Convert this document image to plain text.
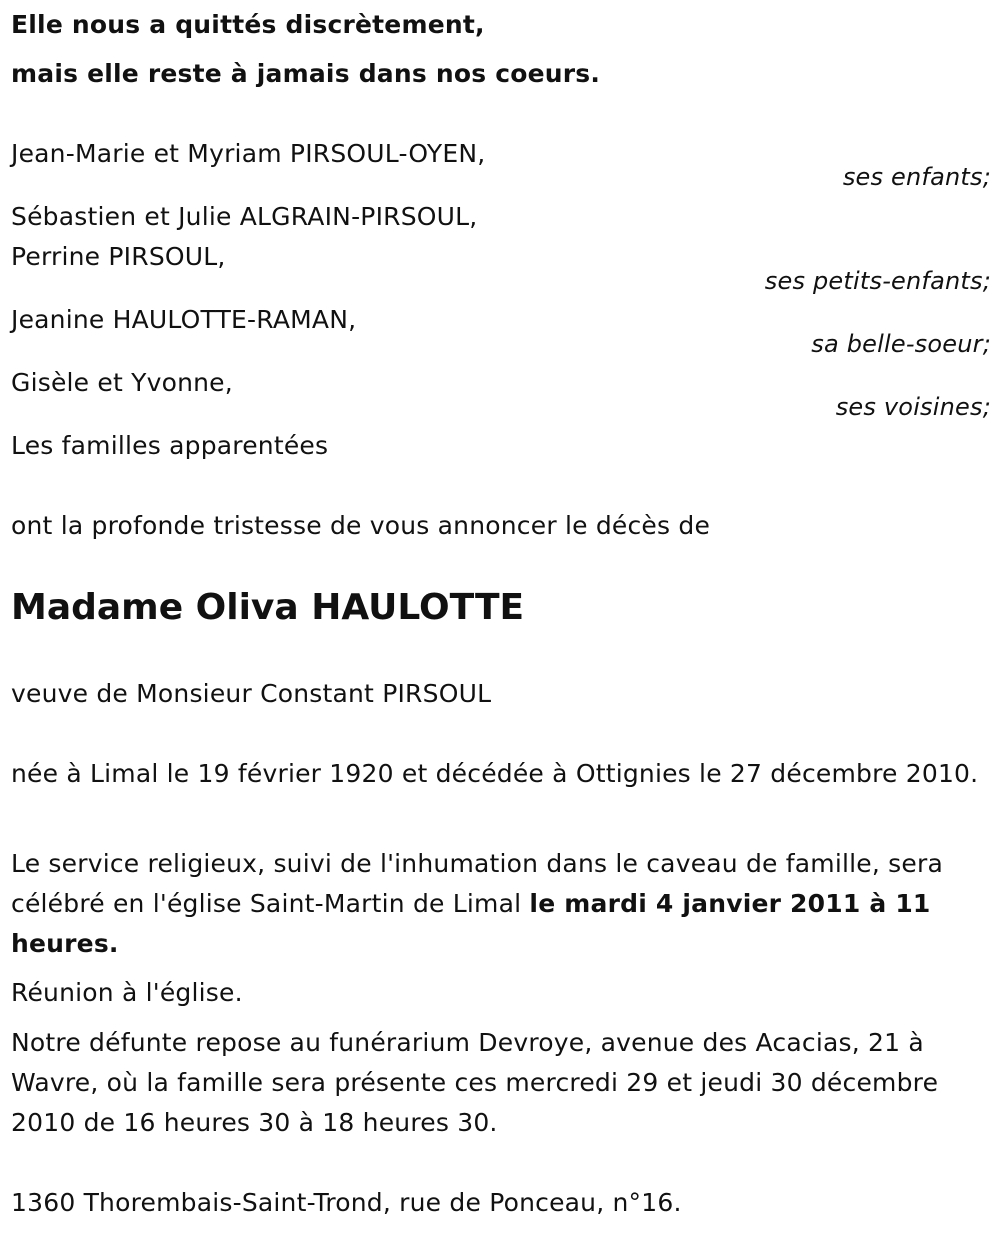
Elle nous a quittés discrètement,
mais elle reste à jamais dans nos coeurs.
Jean-Marie et Myriam PIRSOUL-OYEN,
ses enfants;
Sébastien et Julie ALGRAIN-PIRSOUL,
Perrine PIRSOUL,
ses petits-enfants;
Jeanine HAULOTTE-RAMAN,
sa belle-soeur;
Gisèle et Yvonne,
ses voisines;
Les familles apparentées
ont la profonde tristesse de vous annoncer le décès de
Madame Oliva HAULOTTE
veuve de Monsieur Constant PIRSOUL
née à Limal le 19 février 1920 et décédée à Ottignies le 27 décembre 2010.
Le service religieux, suivi de l'inhumation dans le caveau de famille, sera célébré en l'église Saint-Martin de Limal le mardi 4 janvier 2011 à 11 heures.
Réunion à l'église.
Notre défunte repose au funérarium Devroye, avenue des Acacias, 21 à Wavre, où la famille sera présente ces mercredi 29 et jeudi 30 décembre 2010 de 16 heures 30 à 18 heures 30.
1360 Thorembais-Saint-Trond, rue de Ponceau, n°16.
